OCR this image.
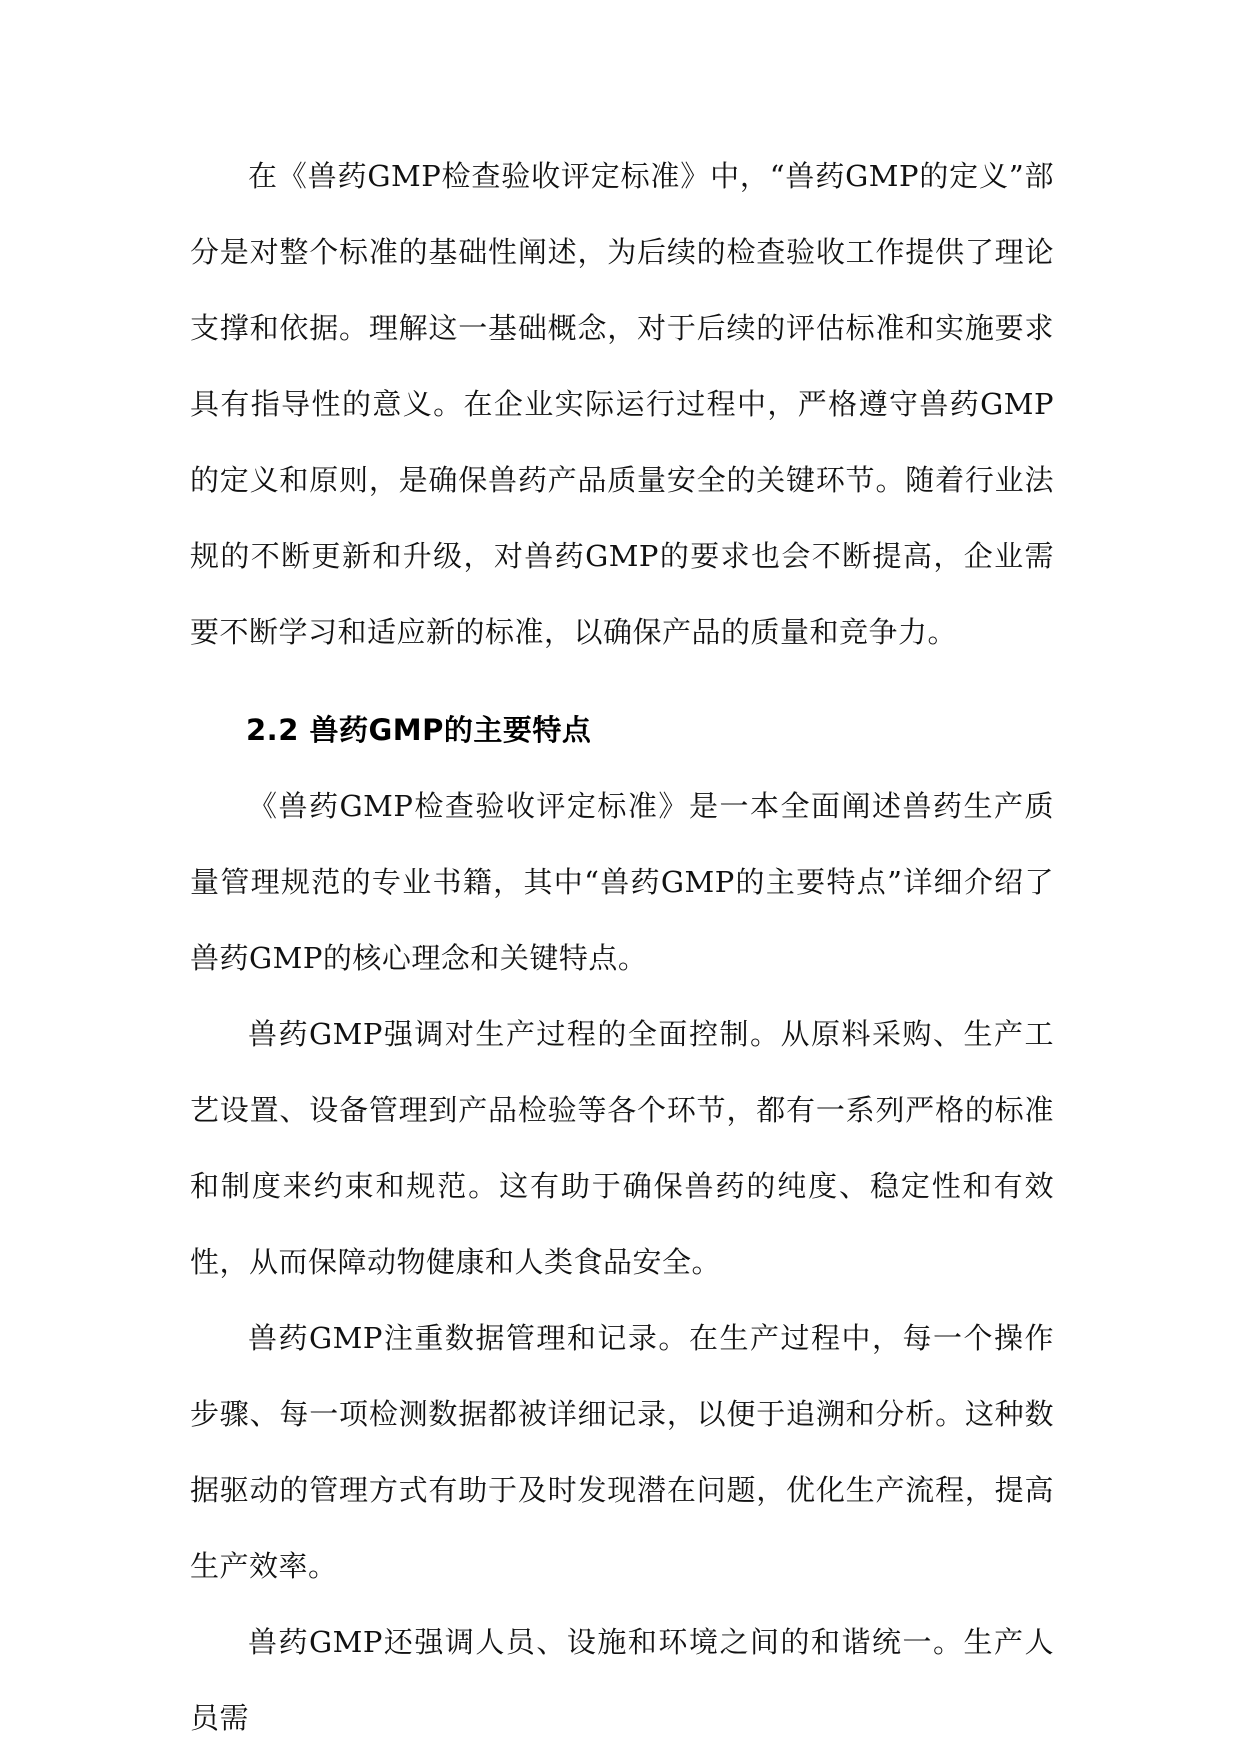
在《兽药GMP检查验收评定标准》中，“兽药GMP的定义”部分是对整个标准的基础性阐述，为后续的检查验收工作提供了理论支撑和依据。理解这一基础概念，对于后续的评估标准和实施要求具有指导性的意义。在企业实际运行过程中，严格遵守兽药GMP的定义和原则，是确保兽药产品质量安全的关键环节。随着行业法规的不断更新和升级，对兽药GMP的要求也会不断提高，企业需要不断学习和适应新的标准，以确保产品的质量和竞争力。

2.2 兽药GMP的主要特点

《兽药GMP检查验收评定标准》是一本全面阐述兽药生产质量管理规范的专业书籍，其中“兽药GMP的主要特点”详细介绍了兽药GMP的核心理念和关键特点。

兽药GMP强调对生产过程的全面控制。从原料采购、生产工艺设置、设备管理到产品检验等各个环节，都有一系列严格的标准和制度来约束和规范。这有助于确保兽药的纯度、稳定性和有效性，从而保障动物健康和人类食品安全。

兽药GMP注重数据管理和记录。在生产过程中，每一个操作步骤、每一项检测数据都被详细记录，以便于追溯和分析。这种数据驱动的管理方式有助于及时发现潜在问题，优化生产流程，提高生产效率。

兽药GMP还强调人员、设施和环境之间的和谐统一。生产人员需
